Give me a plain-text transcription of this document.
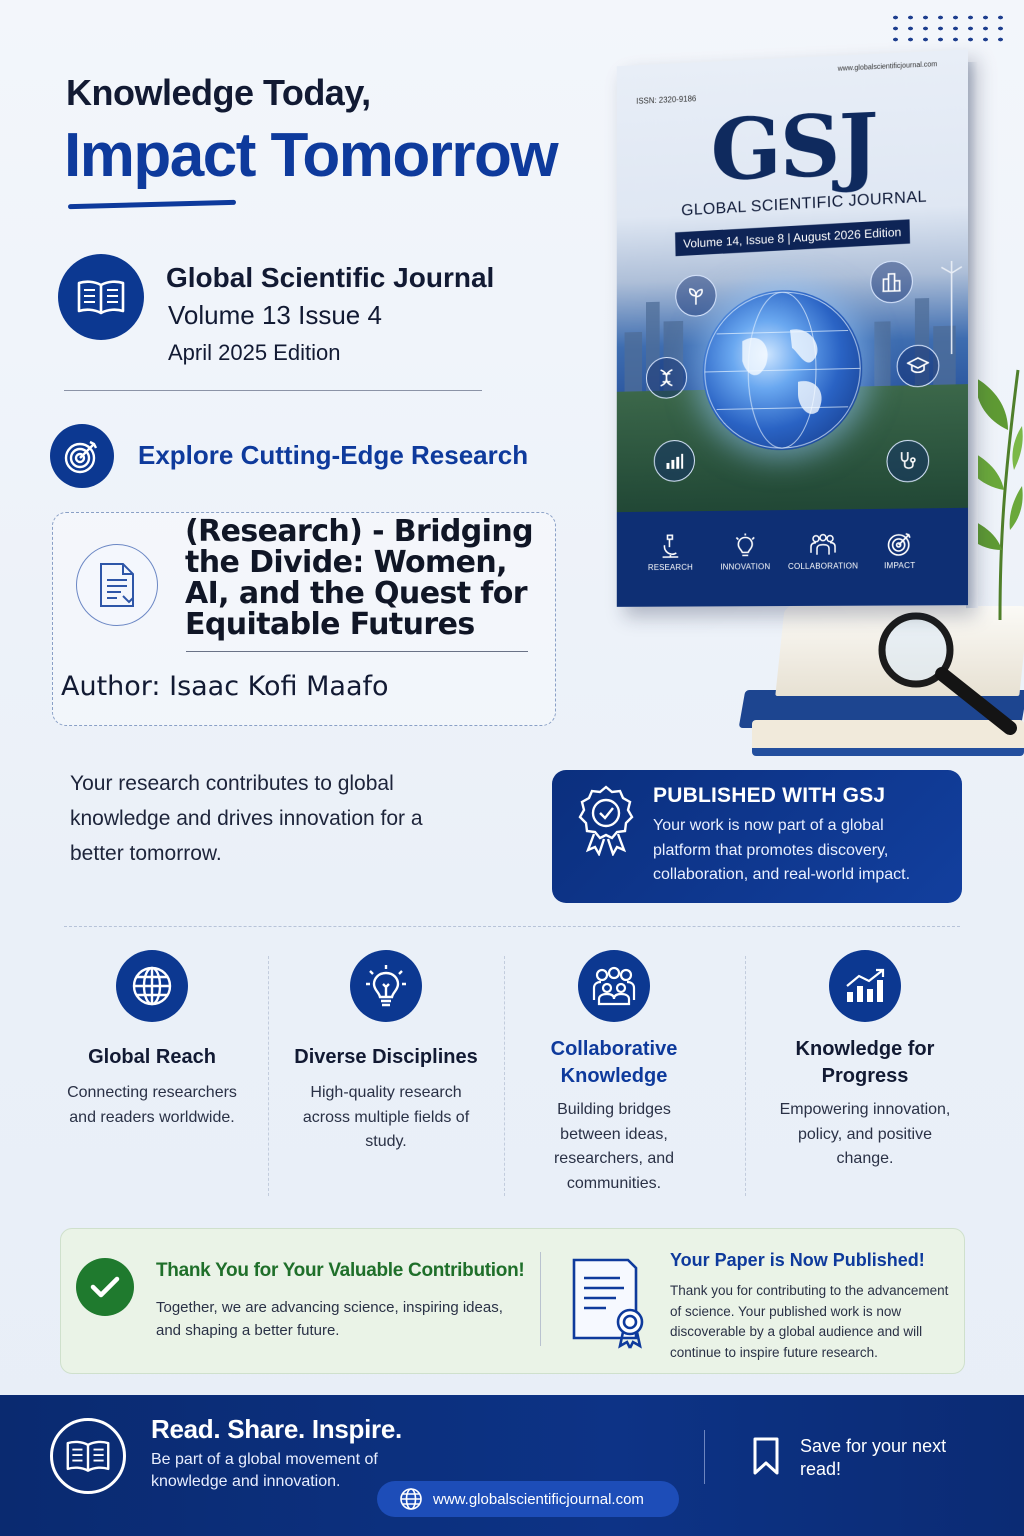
Knowledge Today,
Impact Tomorrow
Global Scientific Journal
Volume 13 Issue 4
April 2025 Edition
Explore Cutting-Edge Research
(Research) - Bridging
the Divide: Women,
AI, and the Quest for
Equitable Futures
Author: Isaac Kofi Maafo
Your research contributes to global knowledge and drives innovation for a better tomorrow.
PUBLISHED WITH GSJ
Your work is now part of a global platform that promotes discovery, collaboration, and real-world impact.
Global Reach
Connecting researchers and readers worldwide.
Diverse Disciplines
High-quality research across multiple fields of study.
Collaborative Knowledge
Building bridges between ideas, researchers, and communities.
Knowledge for Progress
Empowering innovation, policy, and positive change.
Thank You for Your Valuable Contribution!
Together, we are advancing science, inspiring ideas, and shaping a better future.
Your Paper is Now Published!
Thank you for contributing to the advancement of science. Your published work is now discoverable by a global audience and will continue to inspire future research.
Read. Share. Inspire.
Be part of a global movement of knowledge and innovation.
www.globalscientificjournal.com
Save for your next read!
www.globalscientificjournal.com
ISSN: 2320-9186 GSJ
GLOBAL SCIENTIFIC JOURNAL
Volume 14, Issue 8 | August 2026 Edition
RESEARCH	INNOVATION	COLLABORATION	IMPACT
